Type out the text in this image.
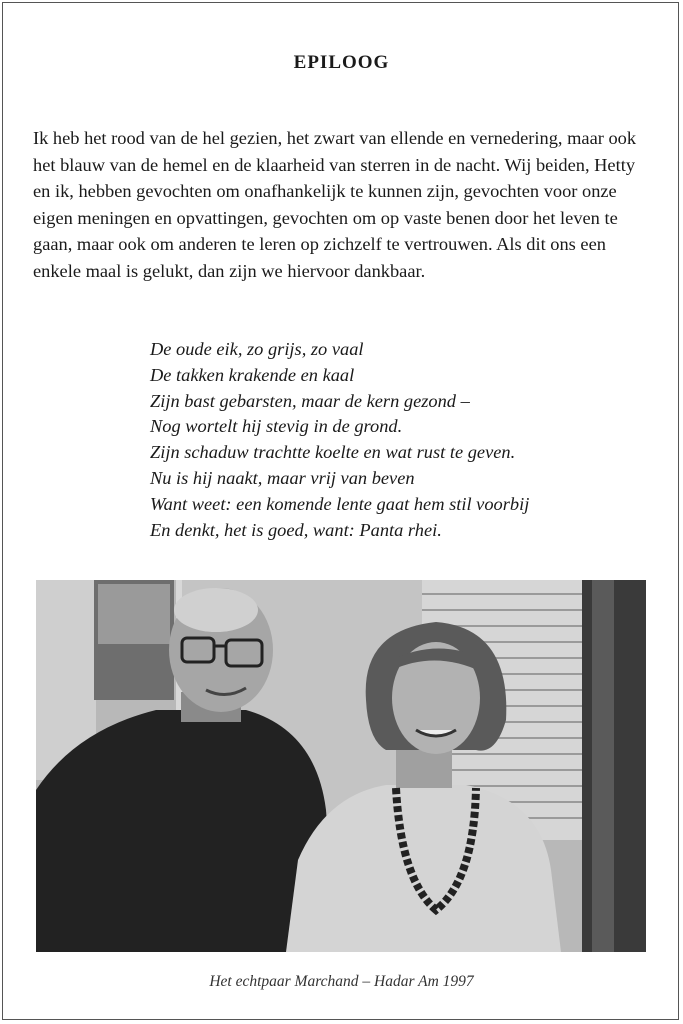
EPILOOG

Ik heb het rood van de hel gezien, het zwart van ellende en vernedering, maar ook het blauw van de hemel en de klaarheid van sterren in de nacht. Wij beiden, Hetty en ik, hebben gevochten om onafhankelijk te kunnen zijn, gevochten voor onze eigen meningen en opvattingen, gevochten om op vaste benen door het leven te gaan, maar ook om anderen te leren op zichzelf te vertrouwen. Als dit ons een enkele maal is gelukt, dan zijn we hiervoor dankbaar.

De oude eik, zo grijs, zo vaal
De takken krakende en kaal
Zijn bast gebarsten, maar de kern gezond –
Nog wortelt hij stevig in de grond.
Zijn schaduw trachtte koelte en wat rust te geven.
Nu is hij naakt, maar vrij van beven
Want weet: een komende lente gaat hem stil voorbij
En denkt, het is goed, want: Panta rhei.
Het echtpaar Marchand – Hadar Am 1997
